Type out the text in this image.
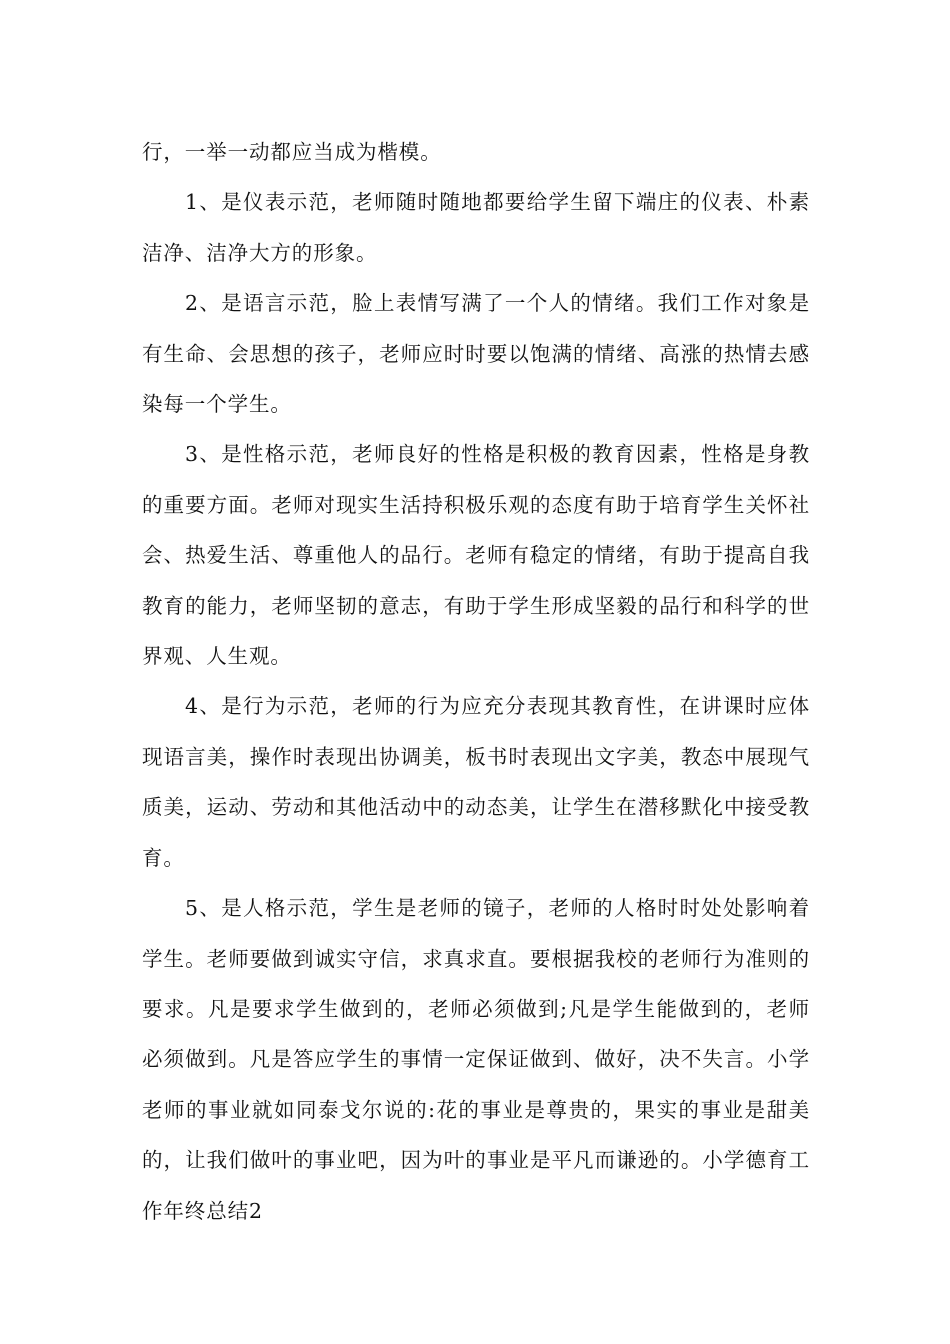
行，一举一动都应当成为楷模。

1、是仪表示范，老师随时随地都要给学生留下端庄的仪表、朴素洁净、洁净大方的形象。

2、是语言示范，脸上表情写满了一个人的情绪。我们工作对象是有生命、会思想的孩子，老师应时时要以饱满的情绪、高涨的热情去感染每一个学生。

3、是性格示范，老师良好的性格是积极的教育因素，性格是身教的重要方面。老师对现实生活持积极乐观的态度有助于培育学生关怀社会、热爱生活、尊重他人的品行。老师有稳定的情绪，有助于提高自我教育的能力，老师坚韧的意志，有助于学生形成坚毅的品行和科学的世界观、人生观。

4、是行为示范，老师的行为应充分表现其教育性，在讲课时应体现语言美，操作时表现出协调美，板书时表现出文字美，教态中展现气质美，运动、劳动和其他活动中的动态美，让学生在潜移默化中接受教育。

5、是人格示范，学生是老师的镜子，老师的人格时时处处影响着学生。老师要做到诚实守信，求真求直。要根据我校的老师行为准则的要求。凡是要求学生做到的，老师必须做到;凡是学生能做到的，老师必须做到。凡是答应学生的事情一定保证做到、做好，决不失言。小学老师的事业就如同泰戈尔说的:花的事业是尊贵的，果实的事业是甜美的，让我们做叶的事业吧，因为叶的事业是平凡而谦逊的。小学德育工作年终总结2
